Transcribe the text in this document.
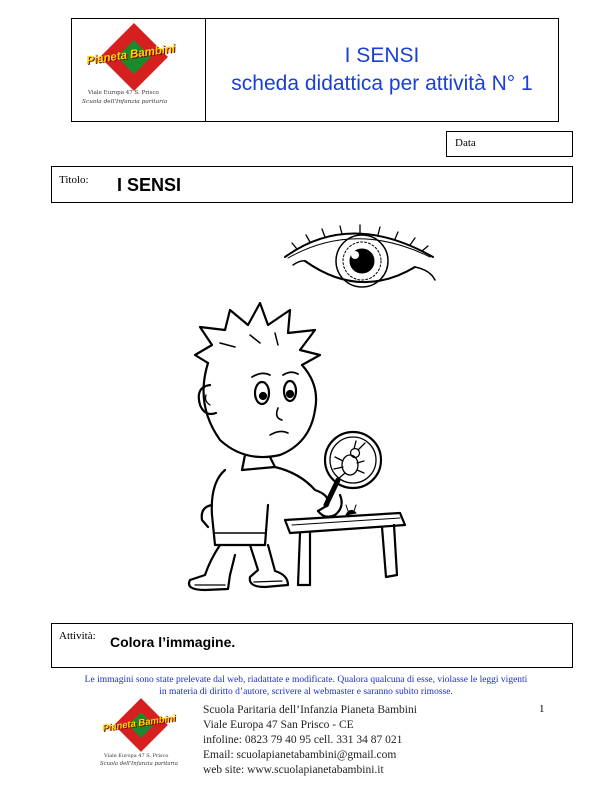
Pianeta Bambini
Viale Europa 47 S. Prisco
Scuola dell'Infanzia paritaria
I SENSI
scheda didattica per attività N° 1
Data
Titolo: I SENSI
Attività: Colora l’immagine.
Le immagini sono state prelevate dal web, riadattate e modificate. Qualora qualcuna di esse, violasse le leggi vigenti
in materia di diritto d’autore, scrivere al webmaster e saranno subito rimosse.
1
Pianeta Bambini
Viale Europa 47 S. Prisco
Scuola dell'Infanzia paritaria
Scuola Paritaria dell’Infanzia Pianeta Bambini
Viale Europa 47 San Prisco - CE
infoline: 0823 79 40 95 cell. 331 34 87 021
Email: scuolapianetabambini@gmail.com
web site: www.scuolapianetabambini.it
